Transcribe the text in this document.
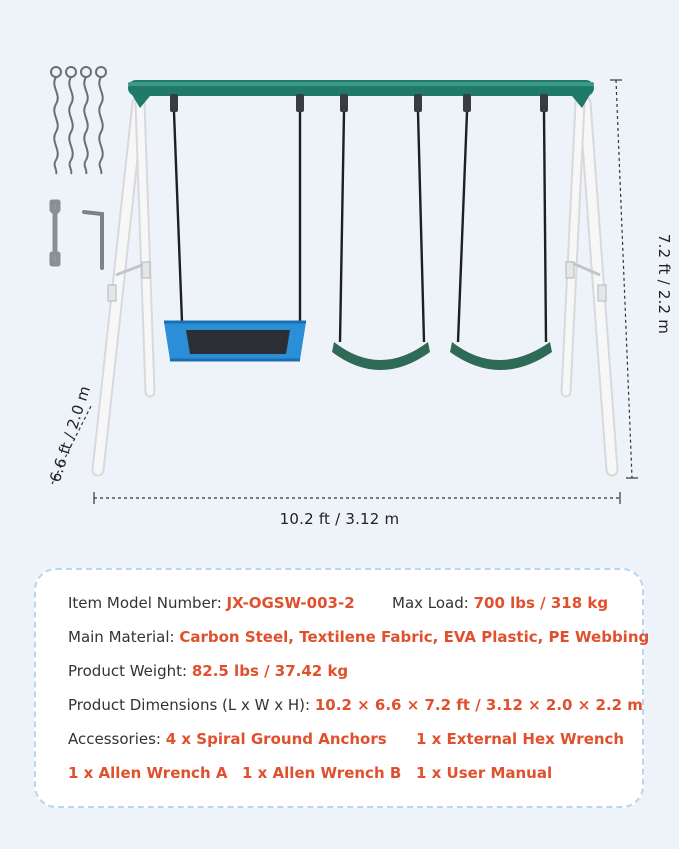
10.2 ft / 3.12 m
7.2 ft / 2.2 m
6.6 ft / 2.0 m
Item Model Number: JX-OGSW-003-2 Max Load: 700 lbs / 318 kg
Main Material: Carbon Steel, Textilene Fabric, EVA Plastic, PE Webbing
Product Weight: 82.5 lbs / 37.42 kg
Product Dimensions (L x W x H): 10.2 × 6.6 × 7.2 ft / 3.12 × 2.0 × 2.2 m
Accessories: 4 x Spiral Ground Anchors 1 x External Hex Wrench
1 x Allen Wrench A 1 x Allen Wrench B 1 x User Manual
